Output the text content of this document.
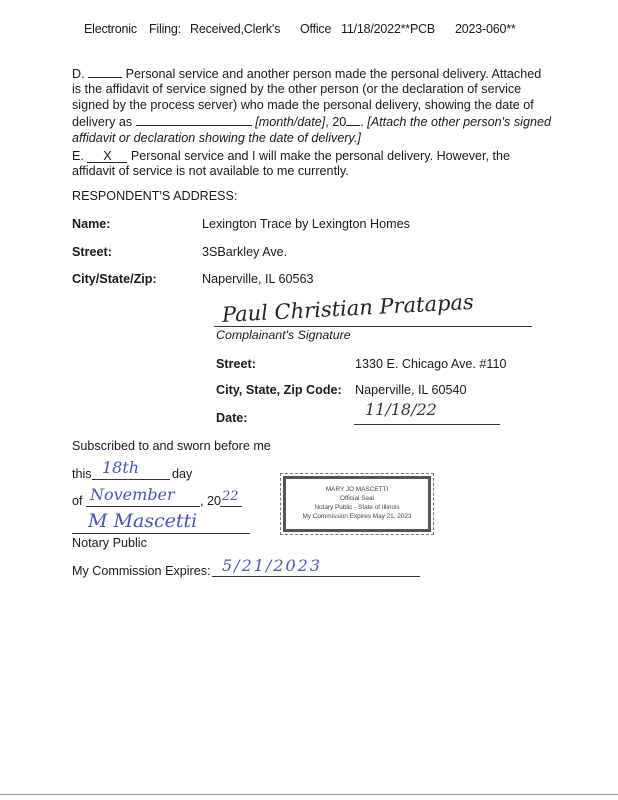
Electronic Filing: Received,Clerk's Office 11/18/2022**PCB 2023-060**
D.	Personal service and another person made the personal delivery. Attached is the affidavit of service signed by the other person (or the declaration of service signed by the process server) who made the personal delivery, showing the date of delivery as	[month/date], 20 . [Attach the other person's signed affidavit or declaration showing the date of delivery.]
E. X Personal service and I will make the personal delivery. However, the affidavit of service is not available to me currently.
RESPONDENT'S ADDRESS:
Name:	Lexington Trace by Lexington Homes
Street:	3SBarkley Ave.
City/State/Zip:	Naperville, IL 60563
Paul Christian Pratapas
Complainant's Signature
Street:	1330 E. Chicago Ave. #110
City, State, Zip Code: Naperville, IL 60540
Date:	11/18/22
Subscribed to and sworn before me
this 18th	day
of November , 20 22
M Mascetti
Notary Public
My Commission Expires: 5/21/2023
MARY JO MASCETTI
Official Seal
Notary Public - State of Illinois
My Commission Expires May 21, 2023
